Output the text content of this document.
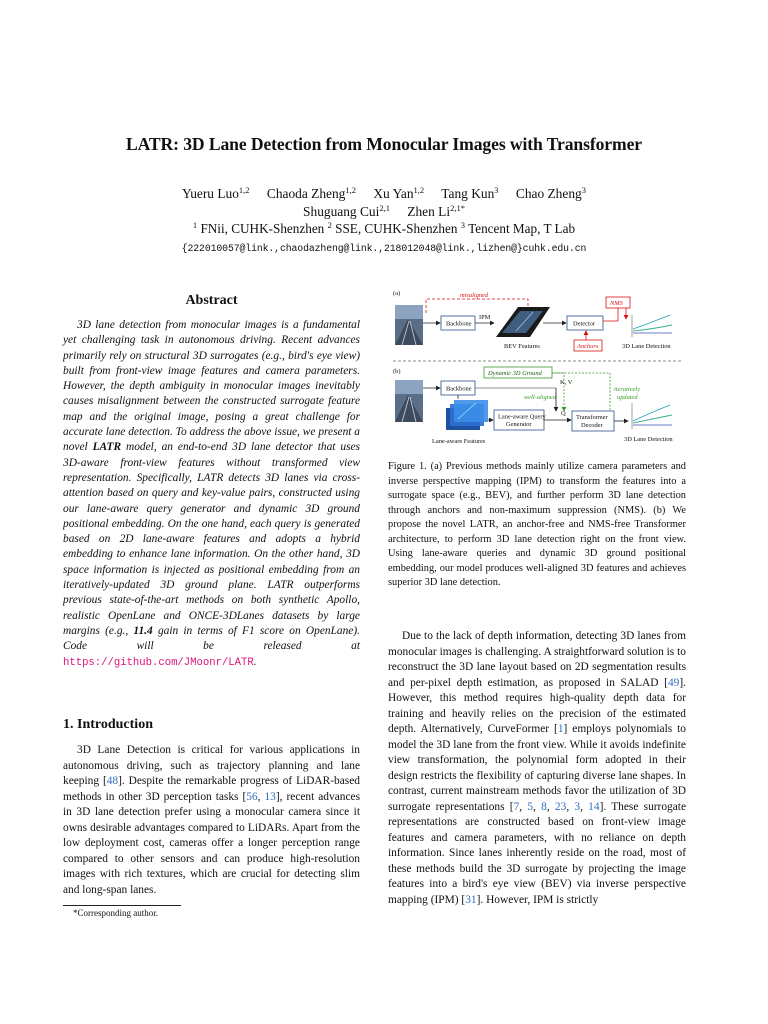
LATR: 3D Lane Detection from Monocular Images with Transformer
Yueru Luo$^{1,2}$ Chaoda Zheng$^{1,2}$ Xu Yan$^{1,2}$ Tang Kun$^3$ Chao Zheng$^3$
Shuguang Cui$^{2,1}$ Zhen $Li^{2,1*}$
$^1$ FNii, CUHK-Shenzhen $^2$ SSE, CUHK-Shenzhen $^3$ Tencent Map, T Lab
{222010057@link.,chaodazheng@link.,218012048@link.,lizhen@}cuhk.edu.cn
Abstract

3D lane detection from monocular images is a fundamental yet challenging task in autonomous driving. Recent advances primarily rely on structural 3D surrogates (e.g., bird's eye view) built from front-view image features and camera parameters. However, the depth ambiguity in monocular images inevitably causes misalignment between the constructed surrogate feature map and the original image, posing a great challenge for accurate lane detection. To address the above issue, we present a novel LATR model, an end-to-end 3D lane detector that uses 3D-aware front-view features without transformed view representation. Specifically, LATR detects 3D lanes via cross-attention based on query and key-value pairs, constructed using our lane-aware query generator and dynamic 3D ground positional embedding. On the one hand, each query is generated based on 2D lane-aware features and adopts a hybrid embedding to enhance lane information. On the other hand, 3D space information is injected as positional embedding from an iteratively-updated 3D ground plane. LATR outperforms previous state-of-the-art methods on both synthetic Apollo, realistic OpenLane and ONCE-3DLanes datasets by large margins (e.g., 11.4 gain in terms of F1 score on OpenLane). Code will be released at https://github.com/JMoonr/LATR.

1. Introduction

3D Lane Detection is critical for various applications in autonomous driving, such as trajectory planning and lane keeping [48]. Despite the remarkable progress of LiDAR-based methods in other 3D perception tasks [56, 13], recent advances in 3D lane detection prefer using a monocular camera since it owns desirable advantages compared to LiDARs. Apart from the low deployment cost, cameras offer a longer perception range compared to other sensors and can produce high-resolution images with rich textures, which are crucial for detecting slim and long-span lanes.

*Corresponding author.
(a)	misaligned
Backbone
IPM
BEV Features
Detector
NMS
Anchors	3D Lane Detection
(b)
Backbone
Lane-aware Features
Dynamic 3D Ground
K, V
well-aligned
iteratively
updated
Lane-aware Query
Generator
Q
Transformer
Decoder
3D Lane Detection
Figure 1. (a) Previous methods mainly utilize camera parameters and inverse perspective mapping (IPM) to transform the features into a surrogate space (e.g., BEV), and further perform 3D lane detection through anchors and non-maximum suppression (NMS). (b) We propose the novel LATR, an anchor-free and NMS-free Transformer architecture, to perform 3D lane detection right on the front view. Using lane-aware queries and dynamic 3D ground positional embedding, our model produces well-aligned 3D features and achieves superior 3D lane detection.

Due to the lack of depth information, detecting 3D lanes from monocular images is challenging. A straightforward solution is to reconstruct the 3D lane layout based on 2D segmentation results and per-pixel depth estimation, as proposed in SALAD [49]. However, this method requires high-quality depth data for training and heavily relies on the precision of the estimated depth. Alternatively, CurveFormer [1] employs polynomials to model the 3D lane from the front view. While it avoids indefinite view transformation, the polynomial form adopted in their design restricts the flexibility of capturing diverse lane shapes. In contrast, current mainstream methods favor the utilization of 3D surrogate representations [7, 5, 8, 23, 3, 14]. These surrogate representations are constructed based on front-view image features and camera parameters, with no reliance on depth information. Since lanes inherently reside on the road, most of these methods build the 3D surrogate by projecting the image features into a bird's eye view (BEV) via inverse perspective mapping (IPM) [31]. However, IPM is strictly
